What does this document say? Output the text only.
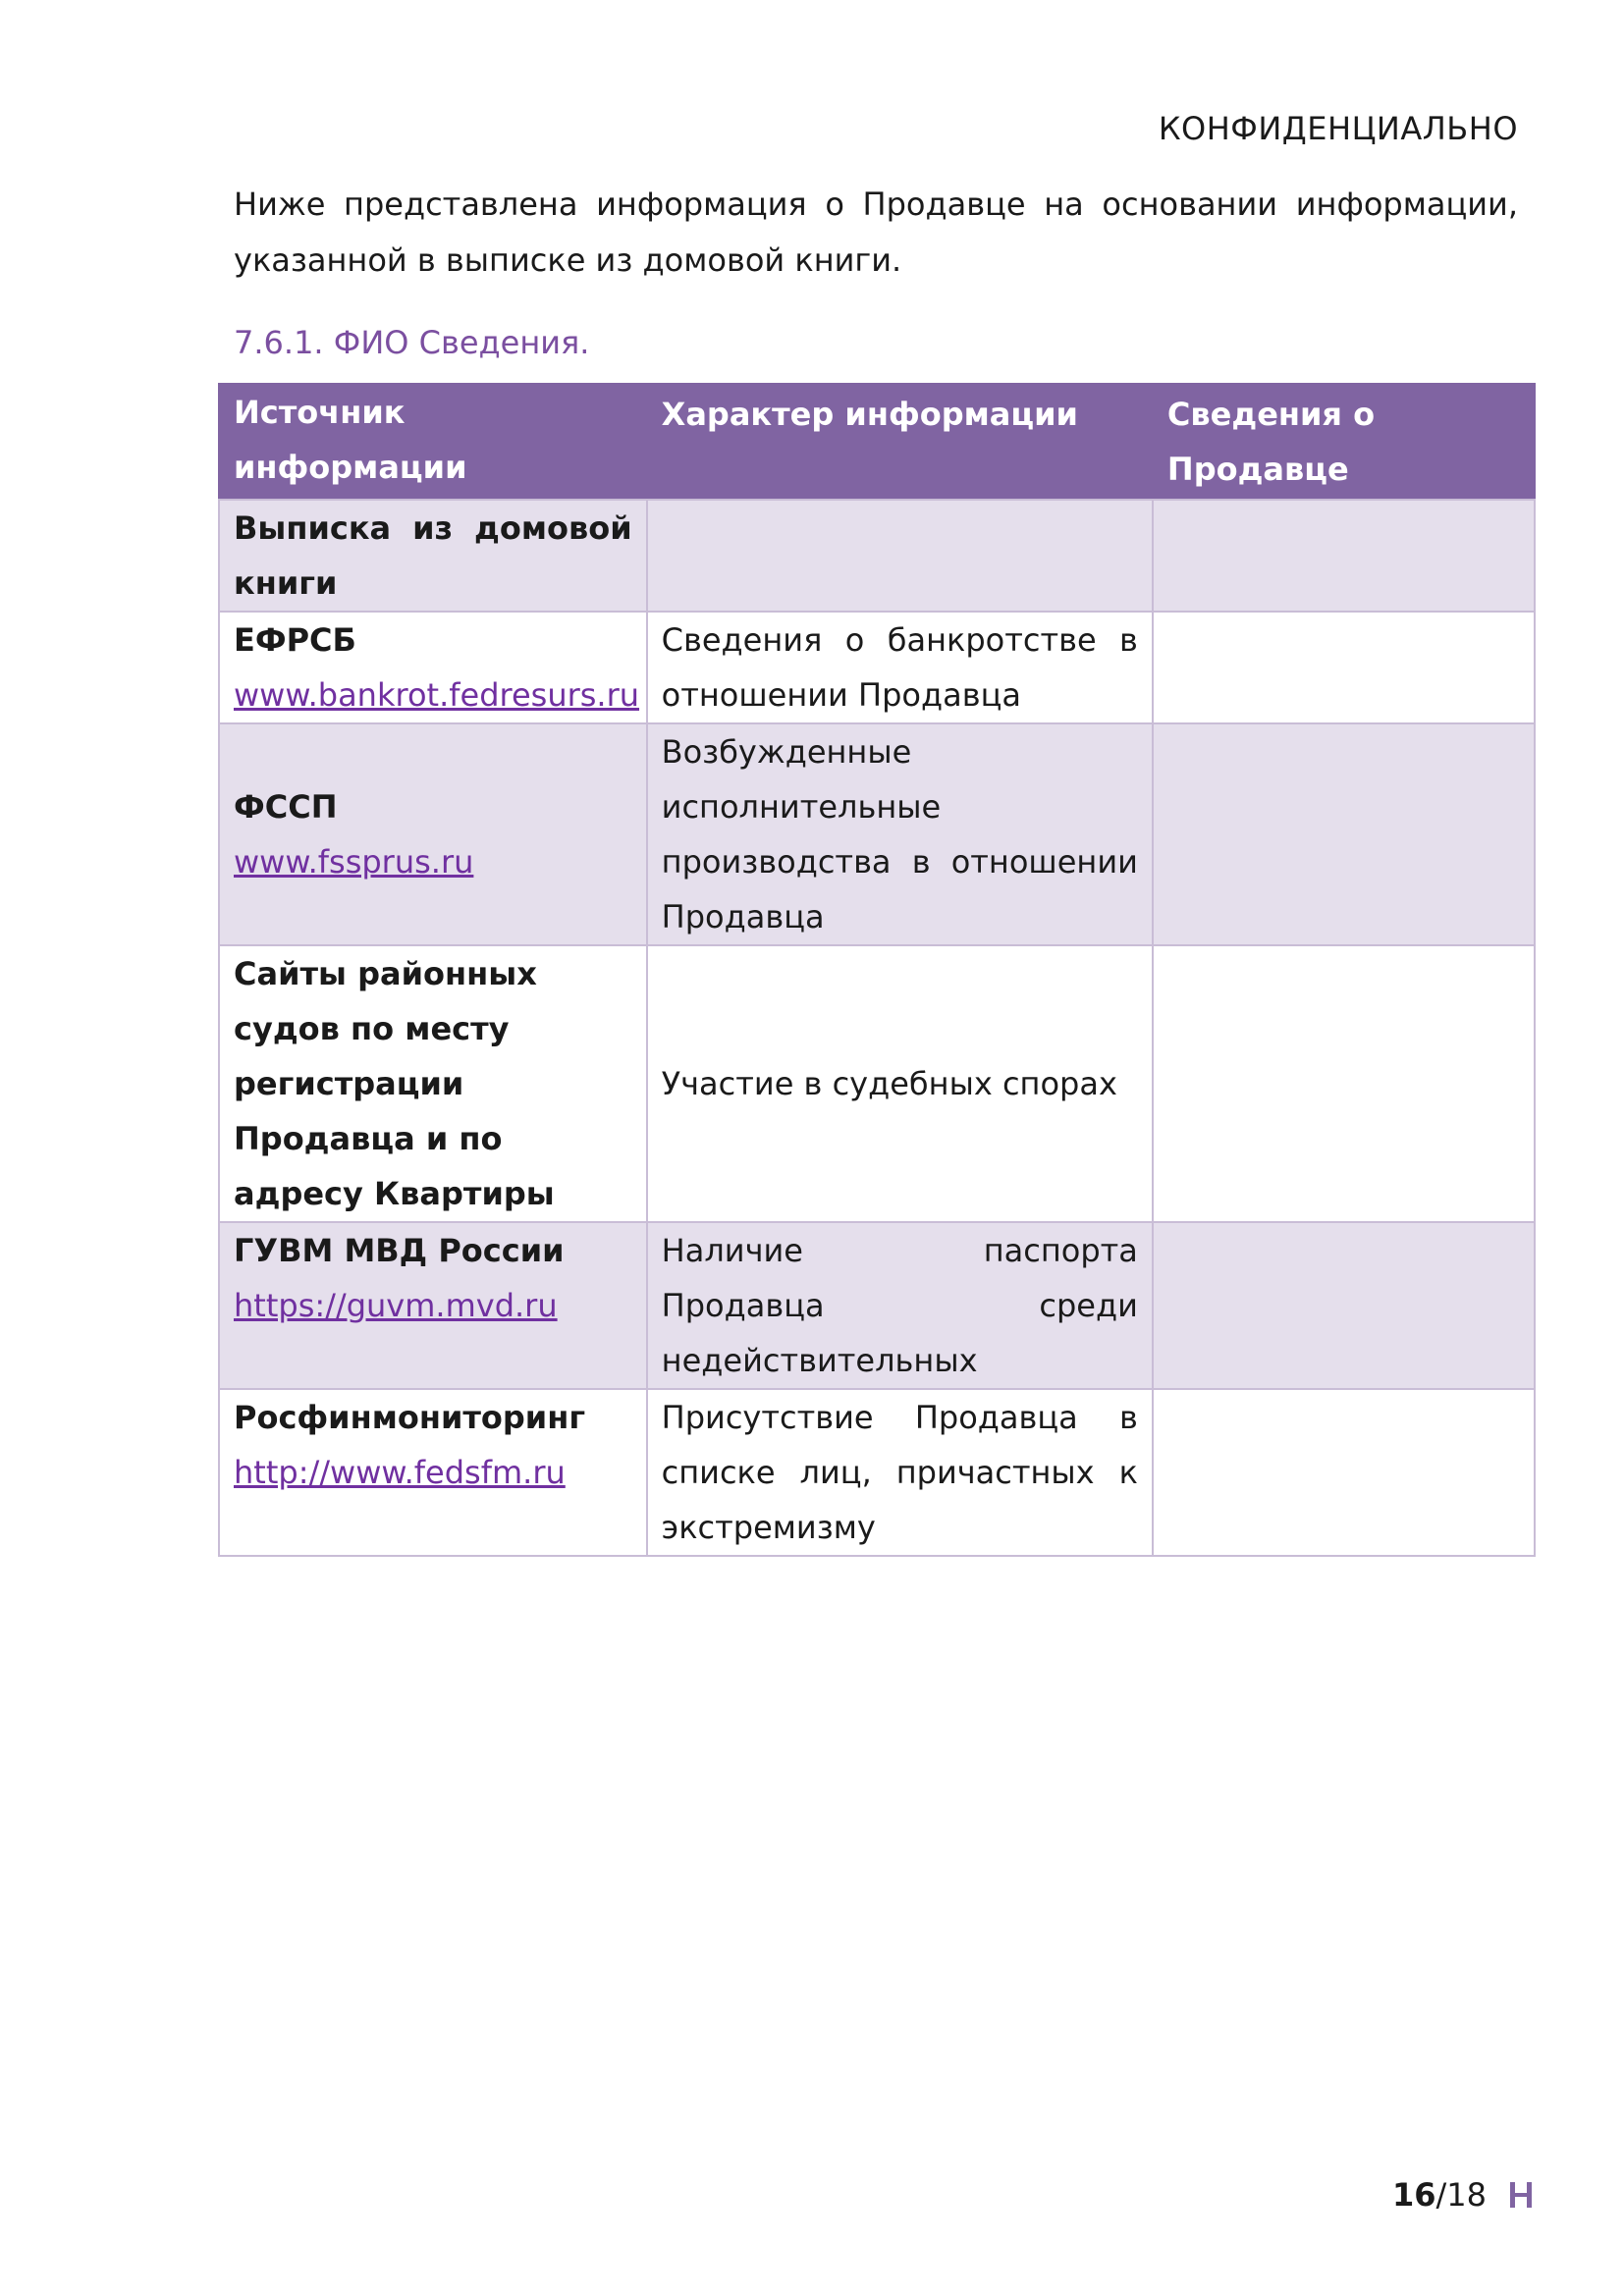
КОНФИДЕНЦИАЛЬНО
Ниже представлена информация о Продавце на основании информации, указанной в выписке из домовой книги.
7.6.1. ФИО Сведения.
Источник информации	Характер информации	Сведения о Продавце

Выписка из домовой книги		

ЕФРСБ
www.bankrot.fedresurs.ru	Сведения о банкротстве в отношении Продавца	

ФССП
www.fssprus.ru	Возбужденные исполнительные производства в отношении Продавца	

Сайты районных судов по месту регистрации Продавца и по адресу Квартиры	Участие в судебных спорах	

ГУВМ МВД России
https://guvm.mvd.ru	Наличие паспорта Продавца среди недействительных	

Росфинмониторинг
http://www.fedsfm.ru	Присутствие Продавца в списке лиц, причастных к экстремизму	

16 /18
